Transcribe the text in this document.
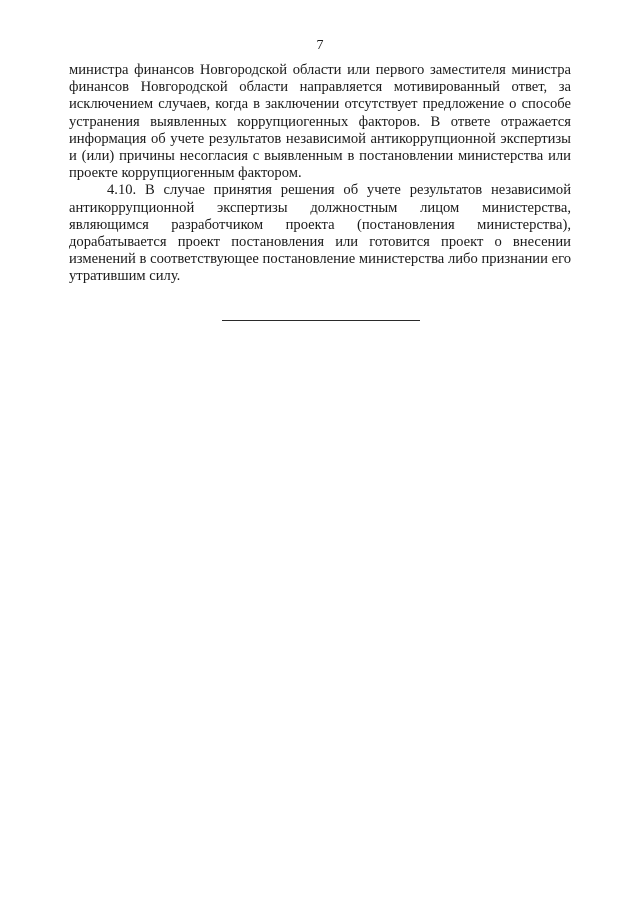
7

министра финансов Новгородской области или первого заместителя министра финансов Новгородской области направляется мотивированный ответ, за исключением случаев, когда в заключении отсутствует предложение о способе устранения выявленных коррупциогенных факторов. В ответе отражается информация об учете результатов независимой антикоррупционной экспертизы и (или) причины несогласия с выявленным в постановлении министерства или проекте коррупциогенным фактором.

4.10. В случае принятия решения об учете результатов независимой антикоррупционной экспертизы должностным лицом министерства, являющимся разработчиком проекта (постановления министерства), дорабатывается проект постановления или готовится проект о внесении изменений в соответствующее постановление министерства либо признании его утратившим силу.
